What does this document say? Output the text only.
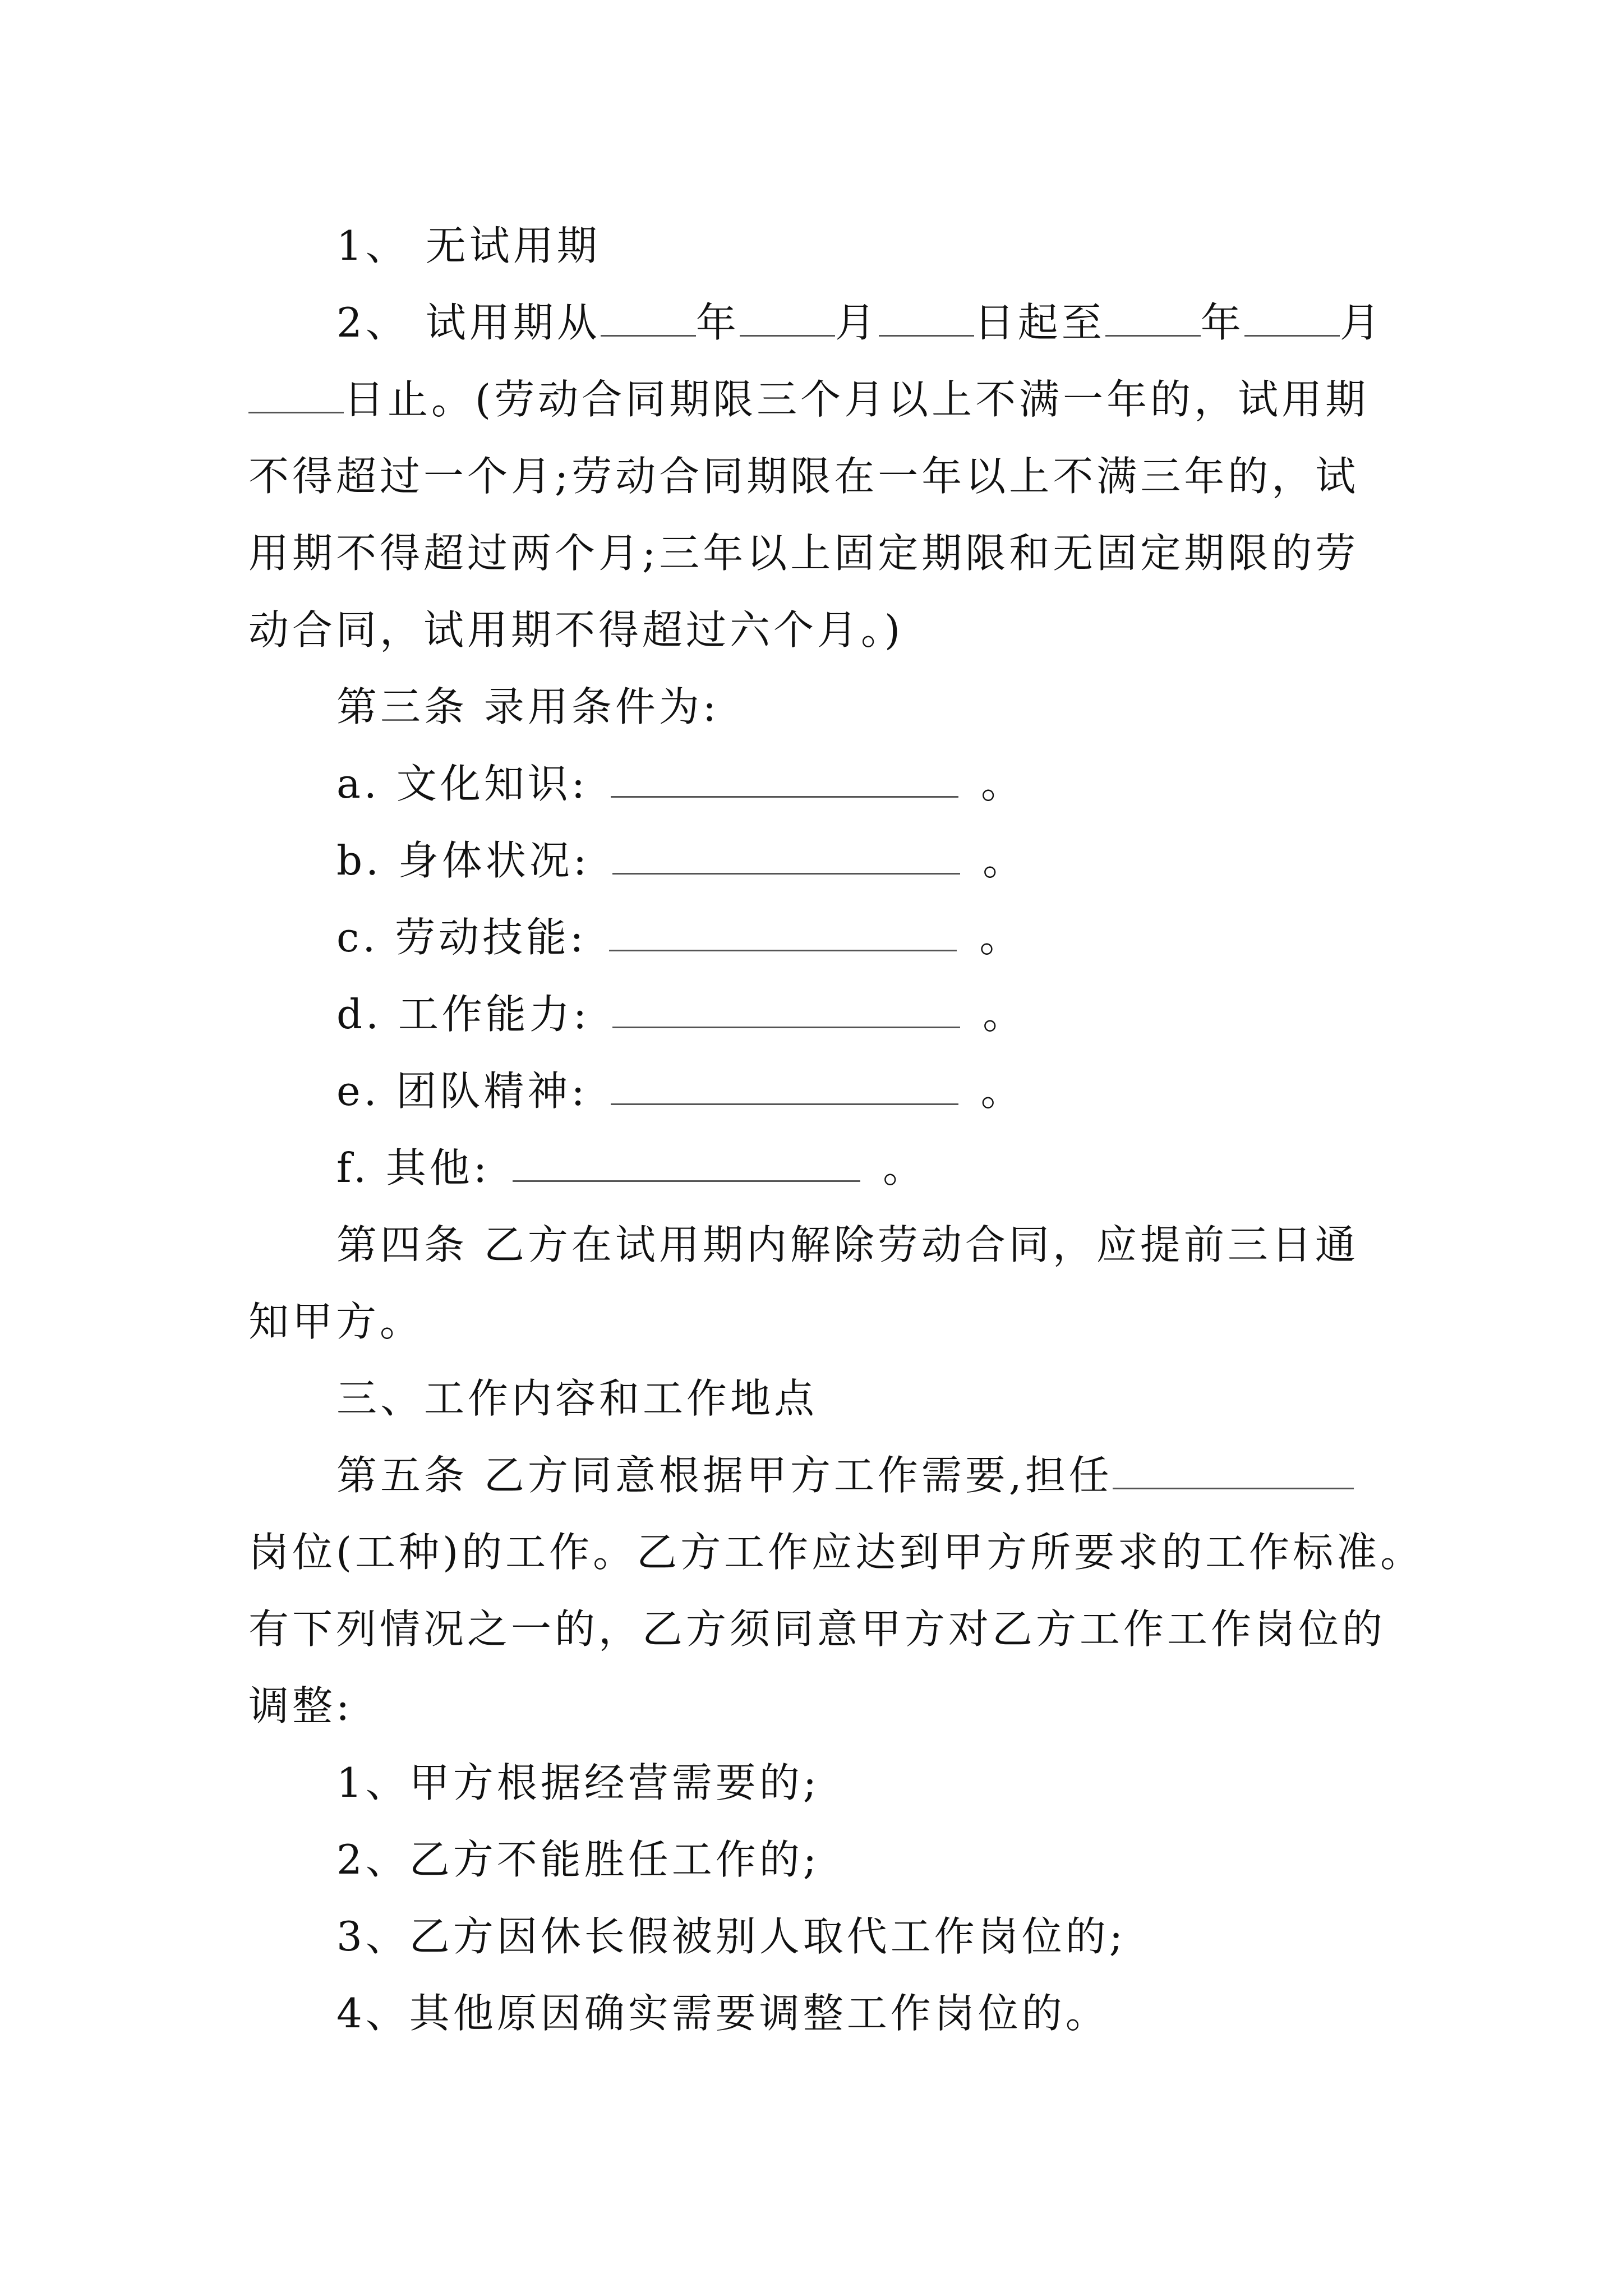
1、 无试用期
2、 试用期从 年 月 日起至 年 月
日止。(劳动合同期限三个月以上不满一年的，试用期
不得超过一个月;劳动合同期限在一年以上不满三年的，试
用期不得超过两个月;三年以上固定期限和无固定期限的劳
动合同，试用期不得超过六个月。)
第三条 录用条件为:
a. 文化知识:	。
b. 身体状况:	。
c. 劳动技能:	。
d. 工作能力:	。
e. 团队精神:	。
f. 其他:	。
第四条 乙方在试用期内解除劳动合同，应提前三日通
知甲方。
三、工作内容和工作地点
第五条 乙方同意根据甲方工作需要,担任
岗位(工种)的工作。乙方工作应达到甲方所要求的工作标准。
有下列情况之一的，乙方须同意甲方对乙方工作工作岗位的
调整:
1、甲方根据经营需要的;
2、乙方不能胜任工作的;
3、乙方因休长假被别人取代工作岗位的;
4、其他原因确实需要调整工作岗位的。
